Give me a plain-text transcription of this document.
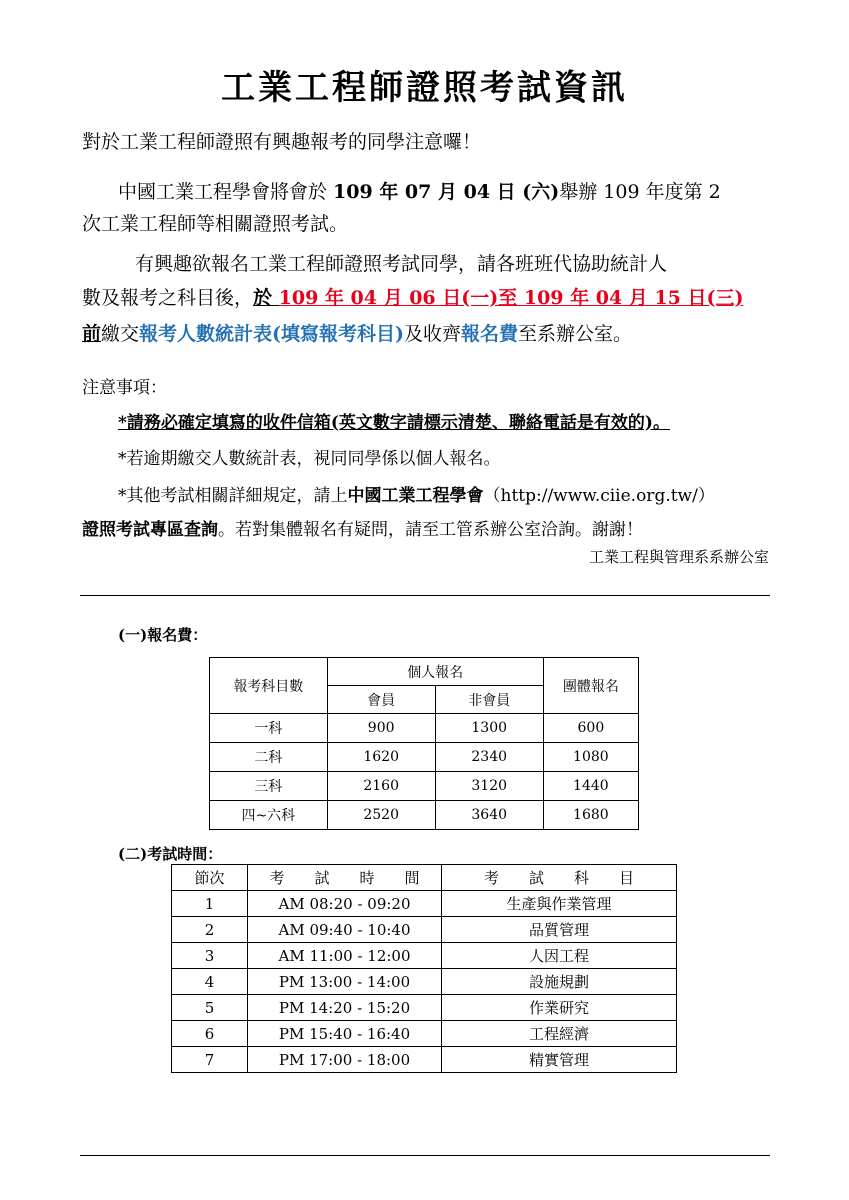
工業工程師證照考試資訊
對於工業工程師證照有興趣報考的同學注意囉！
中國工業工程學會將會於 109 年 07 月 04 日 (六)舉辦 109 年度第 2
次工業工程師等相關證照考試。
有興趣欲報名工業工程師證照考試同學，請各班班代協助統計人
數及報考之科目後，於 109 年 04 月 06 日(一)至 109 年 04 月 15 日(三)
前繳交報考人數統計表(填寫報考科目)及收齊報名費至系辦公室。
注意事項：
*請務必確定填寫的收件信箱(英文數字請標示清楚、聯絡電話是有效的)。
*若逾期繳交人數統計表，視同同學係以個人報名。
*其他考試相關詳細規定，請上中國工業工程學會（http://www.ciie.org.tw/）
證照考試專區查詢。若對集體報名有疑問，請至工管系辦公室洽詢。謝謝！
工業工程與管理系系辦公室
(一)報名費：
報考科目數	個人報名		團體報名
	會員	非會員	
一科	900	1300	600
二科	1620	2340	1080
三科	2160	3120	1440
四~六科	2520	3640	1680
(二)考試時間：
節次	考　　試　　時　　間	考　　試　　科　　目
1	AM 08:20 - 09:20	生產與作業管理
2	AM 09:40 - 10:40	品質管理
3	AM 11:00 - 12:00	人因工程
4	PM 13:00 - 14:00	設施規劃
5	PM 14:20 - 15:20	作業研究
6	PM 15:40 - 16:40	工程經濟
7	PM 17:00 - 18:00	精實管理
